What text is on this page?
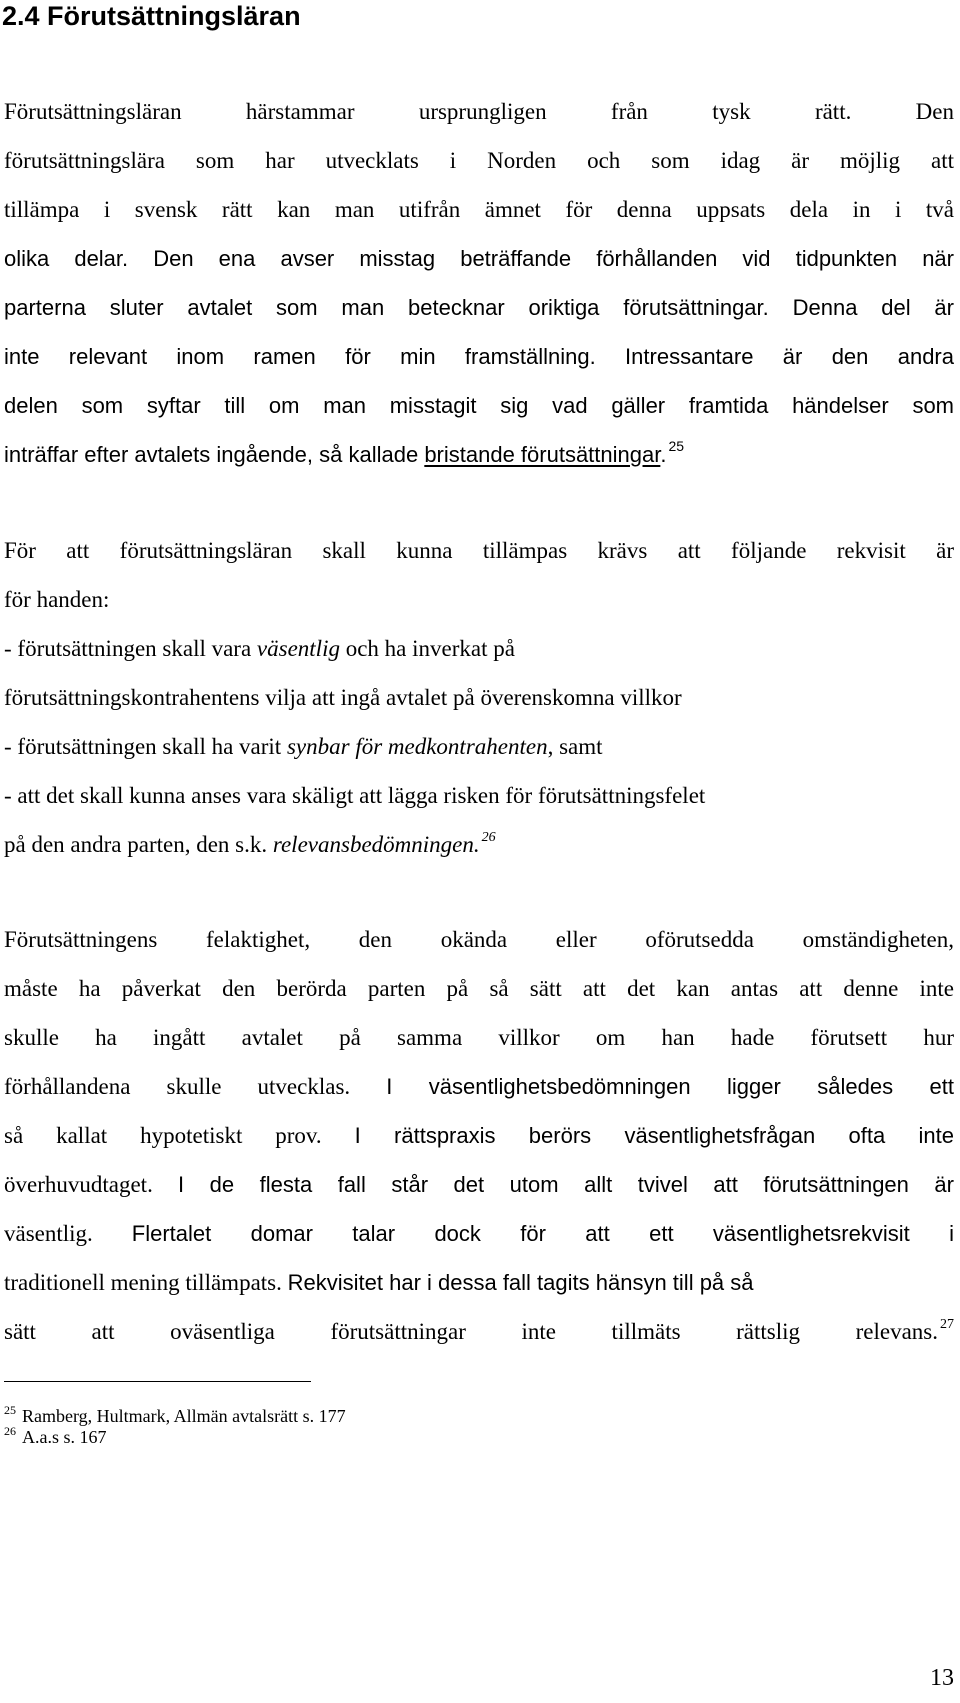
2.4 Förutsättningsläran
Förutsättningsläran härstammar ursprungligen från tysk rätt. Den
förutsättningslära som har utvecklats i Norden och som idag är möjlig att
tillämpa i svensk rätt kan man utifrån ämnet för denna uppsats dela in i två
olika delar. Den ena avser misstag beträffande förhållanden vid tidpunkten när
parterna sluter avtalet som man betecknar oriktiga förutsättningar. Denna del är
inte relevant inom ramen för min framställning. Intressantare är den andra
delen som syftar till om man misstagit sig vad gäller framtida händelser som
inträffar efter avtalets ingående, så kallade bristande förutsättningar. $^{25}$
För att förutsättningsläran skall kunna tillämpas krävs att följande rekvisit är
för handen:
- förutsättningen skall vara väsentlig och ha inverkat på
förutsättningskontrahentens vilja att ingå avtalet på överenskomna villkor
- förutsättningen skall ha varit synbar för medkontrahenten, samt
- att det skall kunna anses vara skäligt att lägga risken för förutsättningsfelet
på den andra parten, den s.k. relevansbedömningen. $^{26}$
Förutsättningens felaktighet, den okända eller oförutsedda omständigheten,
måste ha påverkat den berörda parten på så sätt att det kan antas att denne inte
skulle ha ingått avtalet på samma villkor om han hade förutsett hur
förhållandena skulle utvecklas. I väsentlighetsbedömningen ligger således ett
så kallat hypotetiskt prov. I rättspraxis berörs väsentlighetsfrågan ofta inte
överhuvudtaget. I de flesta fall står det utom allt tvivel att förutsättningen är
väsentlig. Flertalet domar talar dock för att ett väsentlighetsrekvisit i
traditionell mening tillämpats. Rekvisitet har i dessa fall tagits hänsyn till på så
sätt att oväsentliga förutsättningar inte tillmäts rättslig relevans. $^{27}$
$^{25}$ Ramberg, Hultmark, Allmän avtalsrätt s. 177
$^{26}$ A.a.s s. 167
13
